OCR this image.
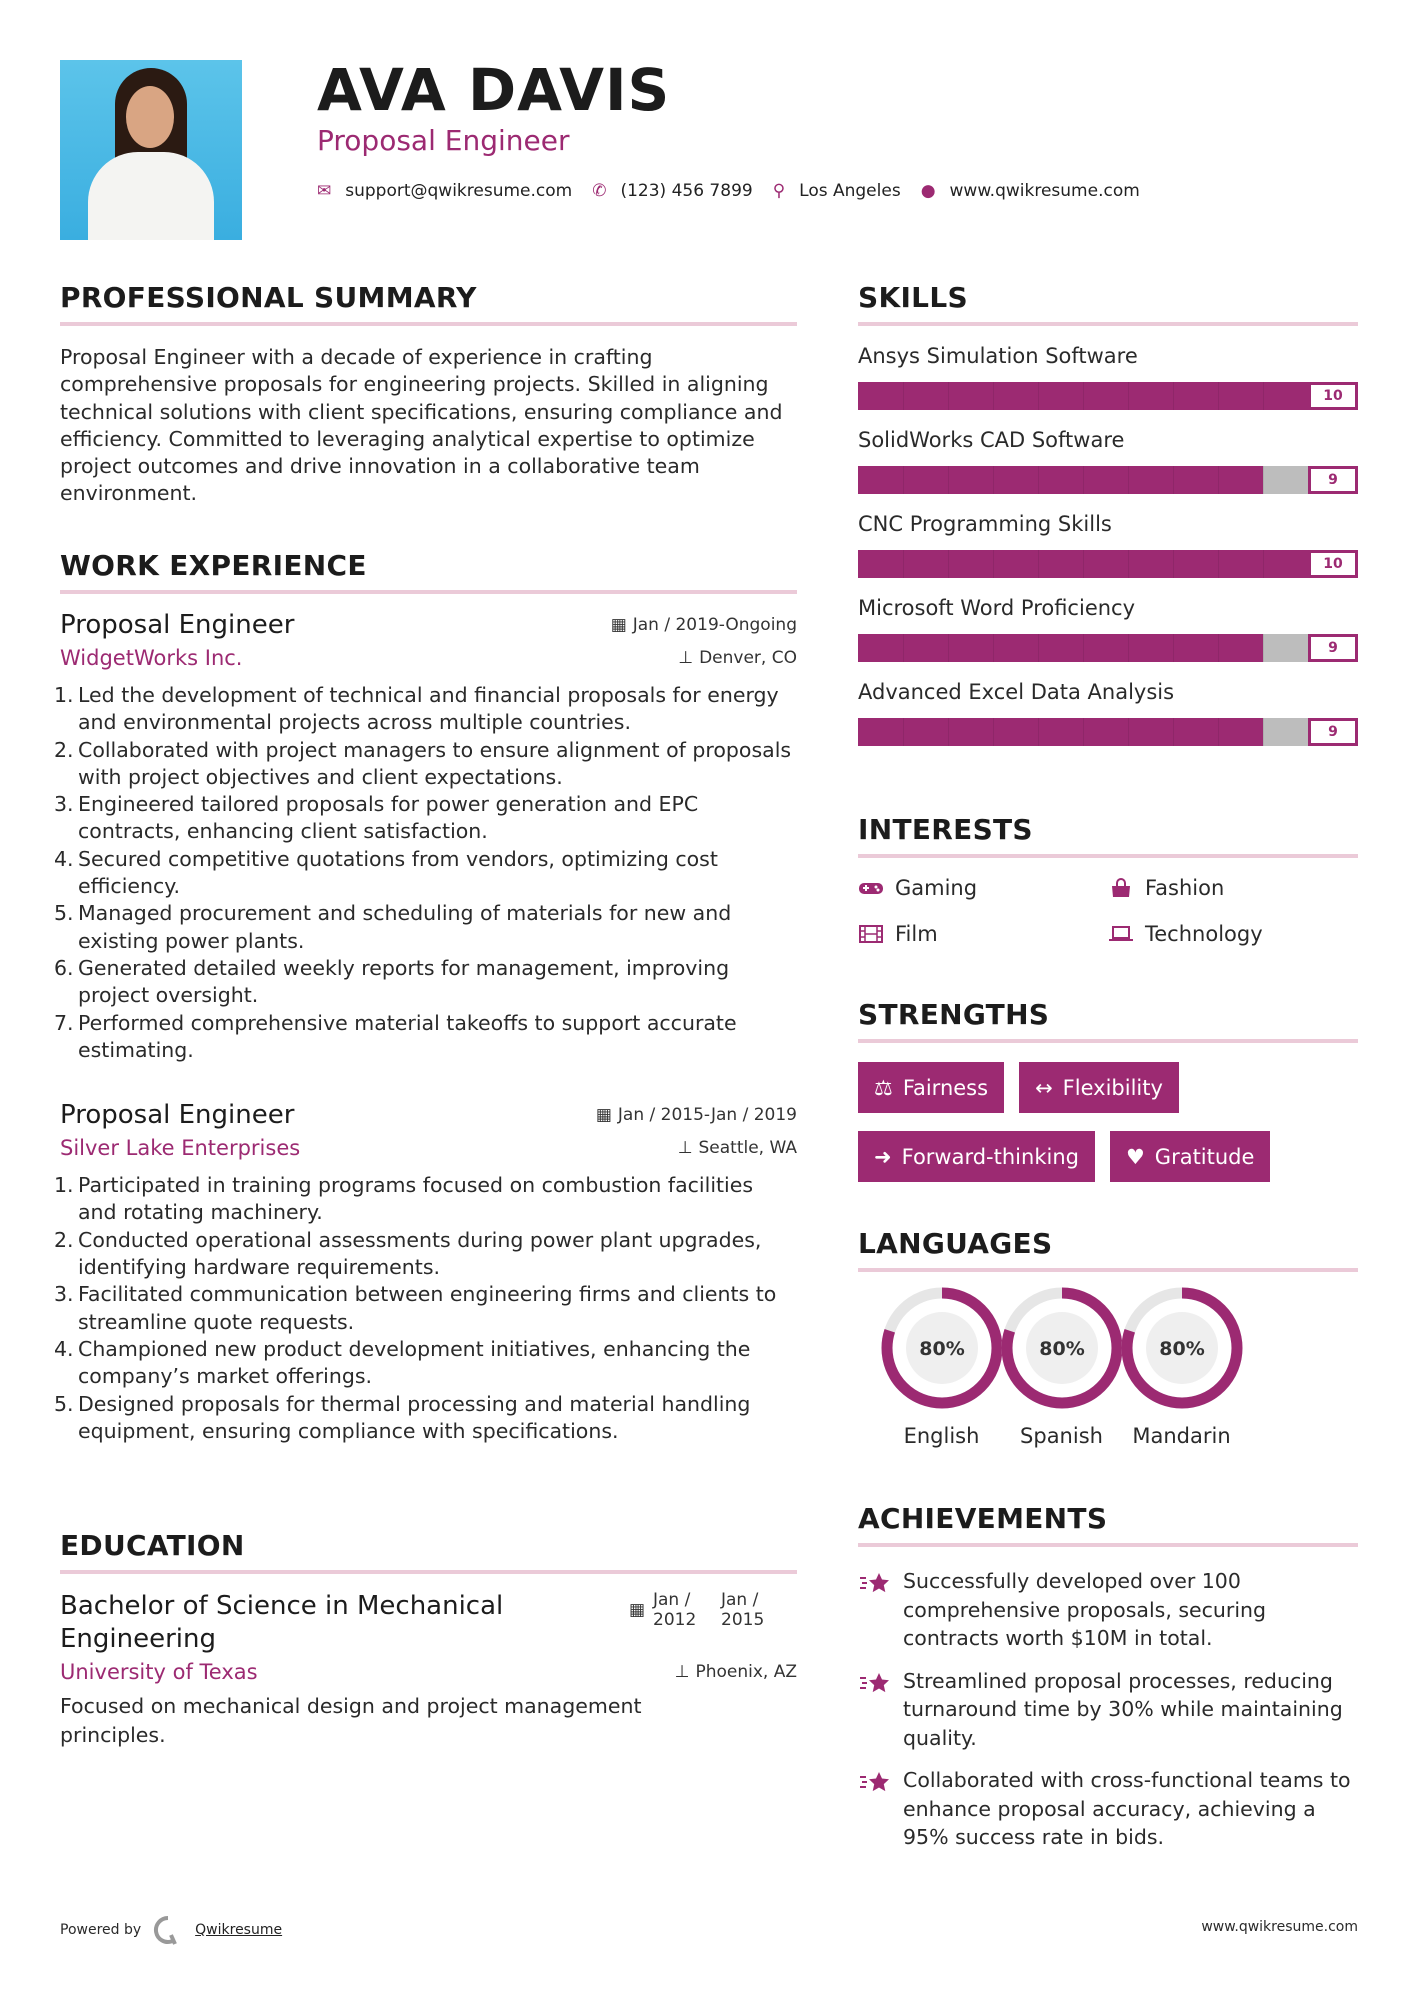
AVA DAVIS
Proposal Engineer
✉ support@qwikresume.com ✆ (123) 456 7899 ⚲ Los Angeles ● www.qwikresume.com
PROFESSIONAL SUMMARY

Proposal Engineer with a decade of experience in crafting comprehensive proposals for engineering projects. Skilled in aligning technical solutions with client specifications, ensuring compliance and efficiency. Committed to leveraging analytical expertise to optimize project outcomes and drive innovation in a collaborative team environment.

WORK EXPERIENCE
Proposal Engineer	▦ Jan / 2019-Ongoing
WidgetWorks Inc.	⊥ Denver, CO
1. Led the development of technical and financial proposals for energy and environmental projects across multiple countries.
2. Collaborated with project managers to ensure alignment of proposals with project objectives and client expectations.
3. Engineered tailored proposals for power generation and EPC contracts, enhancing client satisfaction.
4. Secured competitive quotations from vendors, optimizing cost efficiency.
5. Managed procurement and scheduling of materials for new and existing power plants.
6. Generated detailed weekly reports for management, improving project oversight.
7. Performed comprehensive material takeoffs to support accurate estimating.
Proposal Engineer	▦ Jan / 2015-Jan / 2019
Silver Lake Enterprises	⊥ Seattle, WA
1. Participated in training programs focused on combustion facilities and rotating machinery.
2. Conducted operational assessments during power plant upgrades, identifying hardware requirements.
3. Facilitated communication between engineering firms and clients to streamline quote requests.
4. Championed new product development initiatives, enhancing the company’s market offerings.
5. Designed proposals for thermal processing and material handling equipment, ensuring compliance with specifications.
EDUCATION
Bachelor of Science in Mechanical Engineering
▦ Jan / 2012
Jan / 2015
University of Texas	⊥ Phoenix, AZ

Focused on mechanical design and project management principles.

SKILLS
Ansys Simulation Software
10
SolidWorks CAD Software
9
CNC Programming Skills
10
Microsoft Word Proficiency
9
Advanced Excel Data Analysis
9
INTERESTS
Gaming	Fashion
Film	Technology
STRENGTHS
⚖ Fairness ↔ Flexibility
➜ Forward-thinking ♥ Gratitude
LANGUAGES
80%
English
80%
Spanish
80%
Mandarin
ACHIEVEMENTS
Successfully developed over 100 comprehensive proposals, securing contracts worth $10M in total.
Streamlined proposal processes, reducing turnaround time by 30% while maintaining quality.
Collaborated with cross-functional teams to enhance proposal accuracy, achieving a 95% success rate in bids.
Powered by	Qwikresume	www.qwikresume.com
